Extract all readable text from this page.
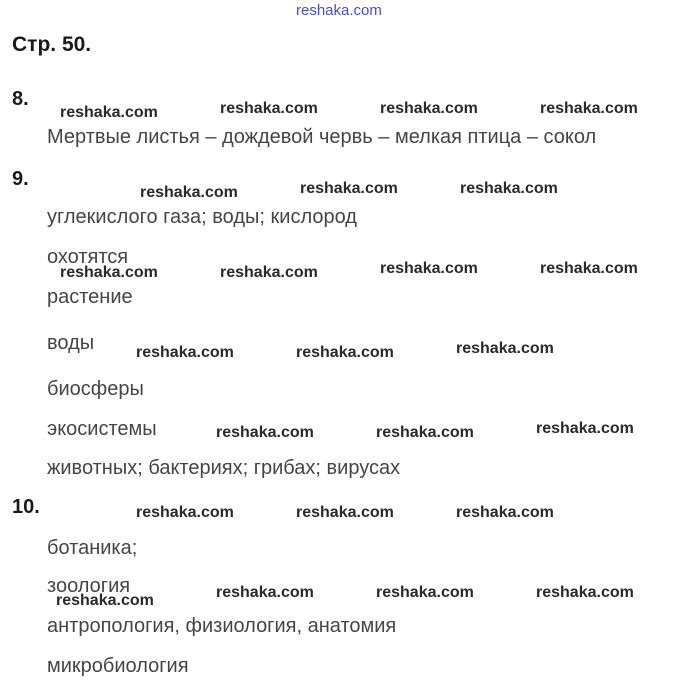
reshaka.com
Стр. 50.
8.
Мертвые листья – дождевой червь – мелкая птица – сокол
9.
углекислого газа; воды; кислород
охотятся
растение
воды
биосферы
экосистемы
животных; бактериях; грибах; вирусах
10.
ботаника;
зоология
антропология, физиология, анатомия
микробиология
reshaka.com	reshaka.com	reshaka.com	reshaka.com
reshaka.com	reshaka.com	reshaka.com
reshaka.com	reshaka.com	reshaka.com	reshaka.com
reshaka.com	reshaka.com	reshaka.com
reshaka.com	reshaka.com	reshaka.com
reshaka.com	reshaka.com	reshaka.com
reshaka.com	reshaka.com	reshaka.com
reshaka.com
